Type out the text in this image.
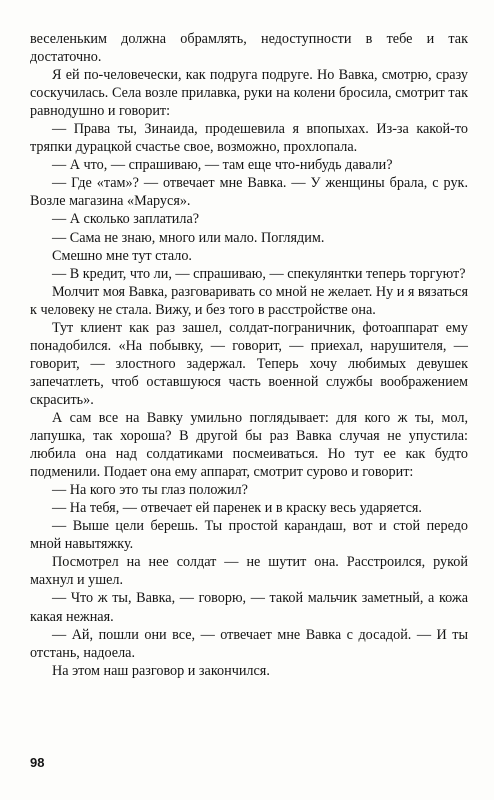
веселеньким должна обрамлять, недоступности в тебе и так достаточно.

Я ей по-человечески, как подруга подруге. Но Вавка, смотрю, сразу соскучилась. Села возле прилавка, руки на колени бросила, смотрит так равнодушно и говорит:

— Права ты, Зинаида, продешевила я впопыхах. Из-за какой-то тряпки дурацкой счастье свое, возможно, прохлопала.

— А что, — спрашиваю, — там еще что-нибудь давали?

— Где «там»? — отвечает мне Вавка. — У женщины брала, с рук. Возле магазина «Маруся».

— А сколько заплатила?

— Сама не знаю, много или мало. Поглядим.

Смешно мне тут стало.

— В кредит, что ли, — спрашиваю, — спекулянтки теперь торгуют?

Молчит моя Вавка, разговаривать со мной не желает. Ну и я вязаться к человеку не стала. Вижу, и без того в расстройстве она.

Тут клиент как раз зашел, солдат-пограничник, фотоаппарат ему понадобился. «На побывку, — говорит, — приехал, нарушителя, — говорит, — злостного задержал. Теперь хочу любимых девушек запечатлеть, чтоб оставшуюся часть военной службы воображением скрасить».

А сам все на Вавку умильно поглядывает: для кого ж ты, мол, лапушка, так хороша? В другой бы раз Вавка случая не упустила: любила она над солдатиками посмеиваться. Но тут ее как будто подменили. Подает она ему аппарат, смотрит сурово и говорит:

— На кого это ты глаз положил?

— На тебя, — отвечает ей паренек и в краску весь ударяется.

— Выше цели берешь. Ты простой карандаш, вот и стой передо мной навытяжку.

Посмотрел на нее солдат — не шутит она. Расстроился, рукой махнул и ушел.

— Что ж ты, Вавка, — говорю, — такой мальчик заметный, а кожа какая нежная.

— Ай, пошли они все, — отвечает мне Вавка с досадой. — И ты отстань, надоела.

На этом наш разговор и закончился.

98
